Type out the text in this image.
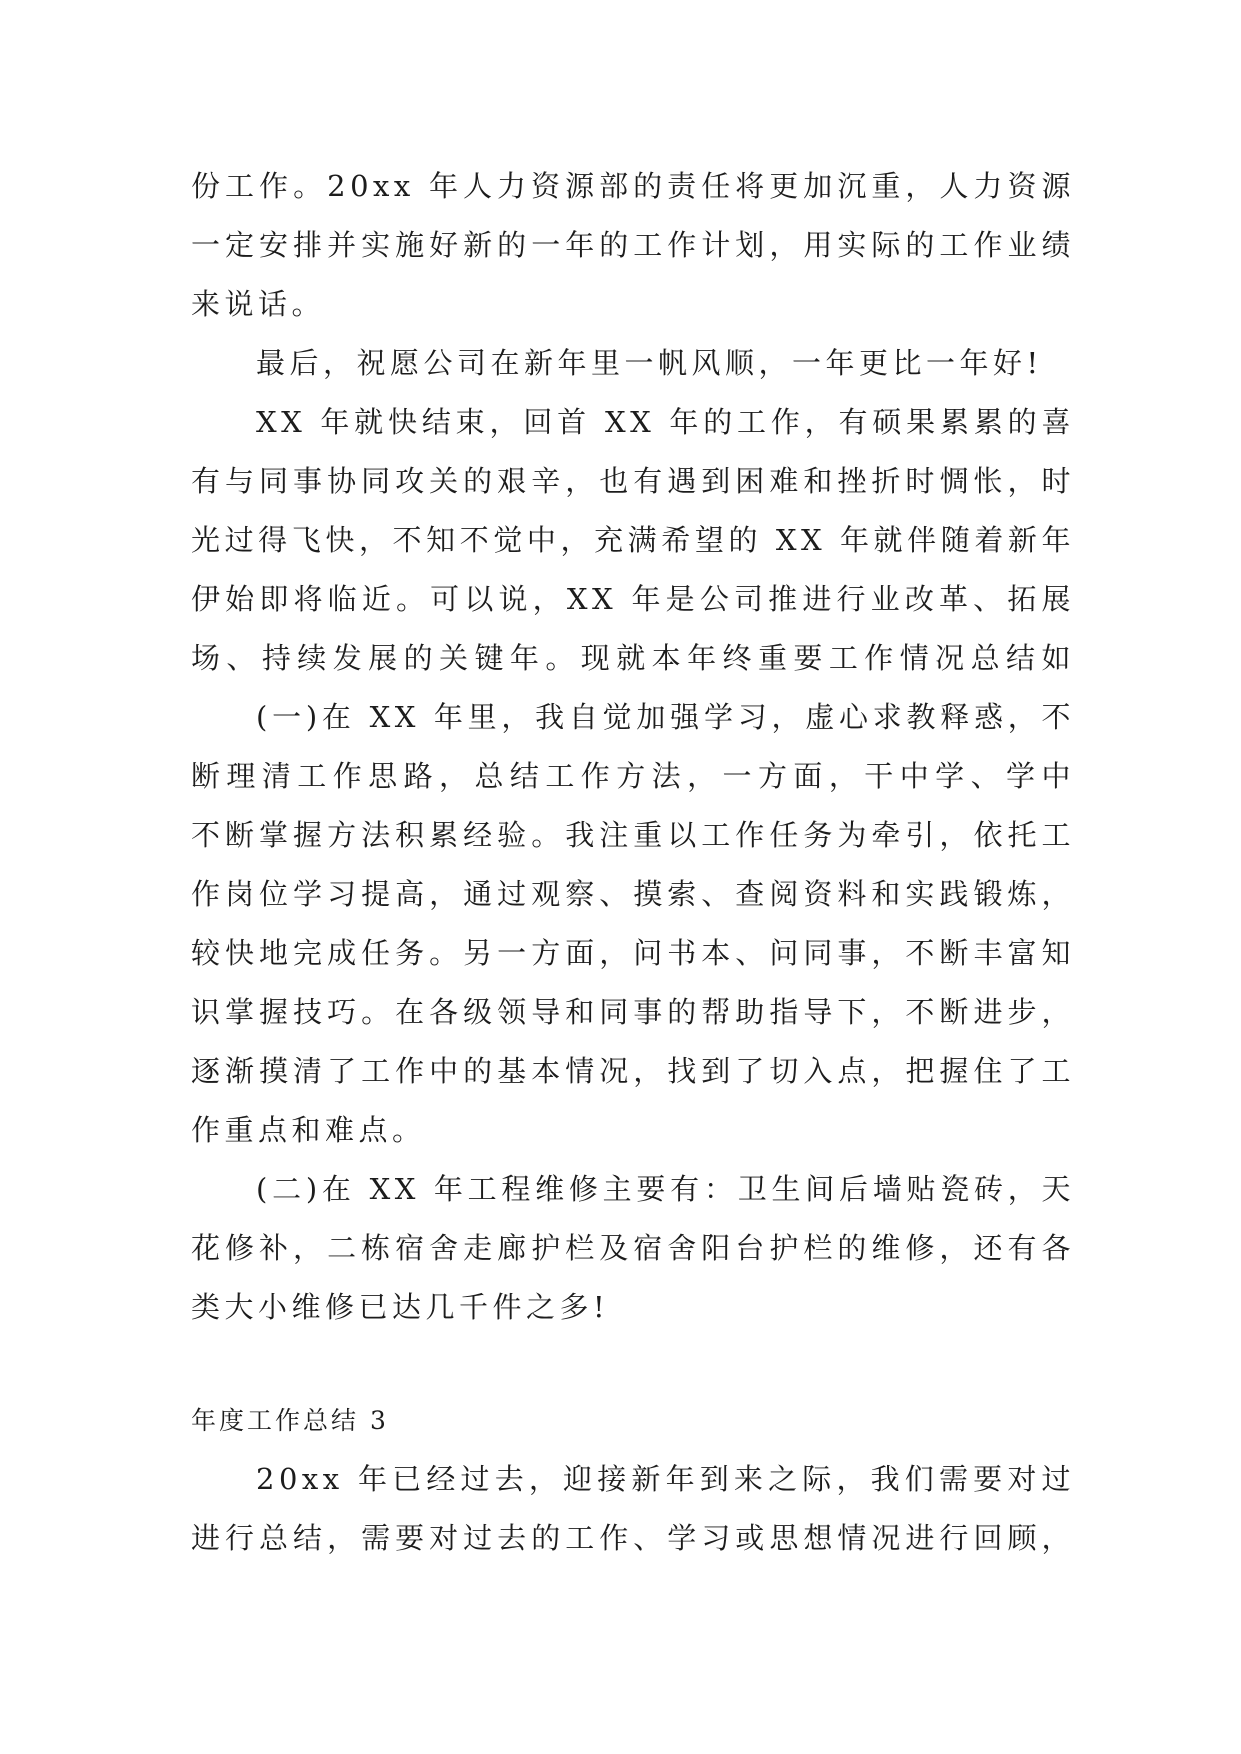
份工作。20xx 年人力资源部的责任将更加沉重，人力资源
一定安排并实施好新的一年的工作计划，用实际的工作业绩
来说话。
最后，祝愿公司在新年里一帆风顺，一年更比一年好!
XX 年就快结束，回首 XX 年的工作，有硕果累累的喜
有与同事协同攻关的艰辛，也有遇到困难和挫折时惆怅，时
光过得飞快，不知不觉中，充满希望的 XX 年就伴随着新年
伊始即将临近。可以说，XX 年是公司推进行业改革、拓展
场、持续发展的关键年。现就本年终重要工作情况总结如
(一)在 XX 年里，我自觉加强学习，虚心求教释惑，不
断理清工作思路，总结工作方法，一方面，干中学、学中
不断掌握方法积累经验。我注重以工作任务为牵引，依托工
作岗位学习提高，通过观察、摸索、查阅资料和实践锻炼，
较快地完成任务。另一方面，问书本、问同事，不断丰富知
识掌握技巧。在各级领导和同事的帮助指导下，不断进步，
逐渐摸清了工作中的基本情况，找到了切入点，把握住了工
作重点和难点。
(二)在 XX 年工程维修主要有：卫生间后墙贴瓷砖，天
花修补，二栋宿舍走廊护栏及宿舍阳台护栏的维修，还有各
类大小维修已达几千件之多!
年度工作总结 3
20xx 年已经过去，迎接新年到来之际，我们需要对过
进行总结，需要对过去的工作、学习或思想情况进行回顾，
